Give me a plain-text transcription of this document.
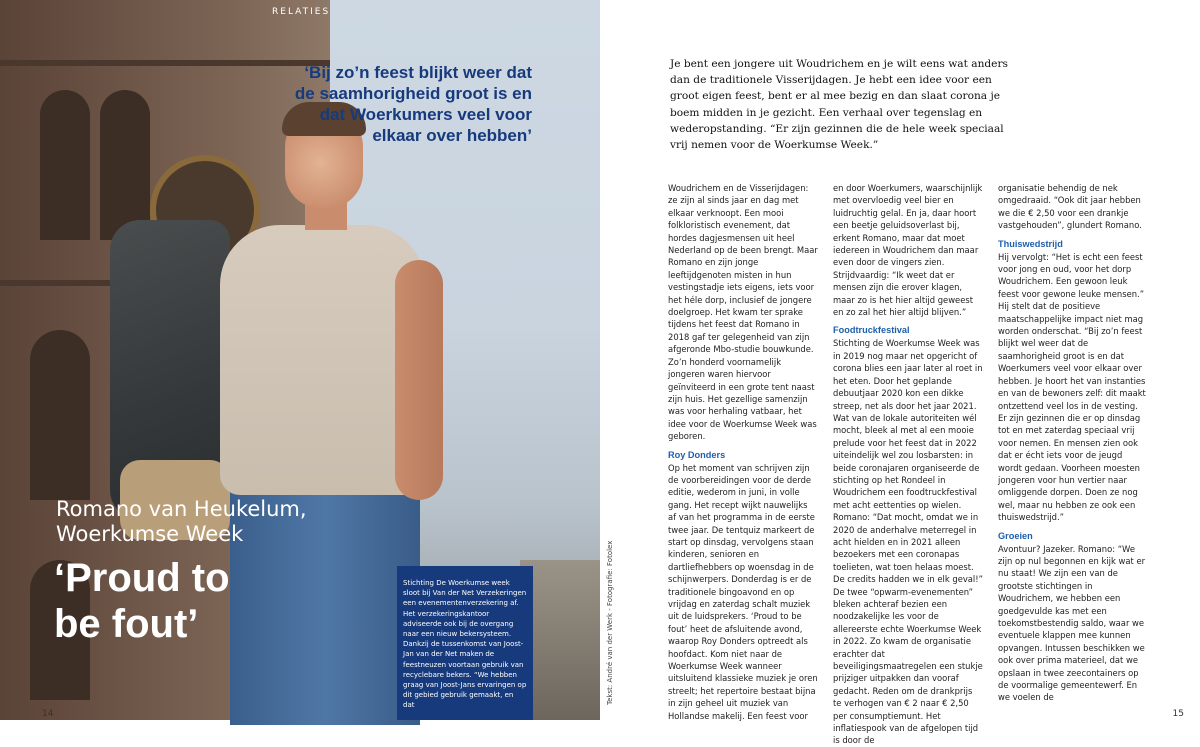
RELATIES
‘Bij zo’n feest blijkt weer dat de saamhorigheid groot is en dat Woerkumers veel voor elkaar over hebben’
Romano van Heukelum,
Woerkumse Week
‘Proud to
be fout’
Stichting De Woerkumse week sloot bij Van der Net Verzekeringen een evenementenverzekering af. Het verzekeringskantoor adviseerde ook bij de overgang naar een nieuw bekersysteem. Dankzij de tussenkomst van Joost-Jan van der Net maken de feestneuzen voortaan gebruik van recyclebare bekers. “We hebben graag van Joost-Jans ervaringen op dit gebied gebruik gemaakt, en dat
14
Je bent een jongere uit Woudrichem en je wilt eens wat anders dan de traditionele Visserijdagen. Je hebt een idee voor een groot eigen feest, bent er al mee bezig en dan slaat corona je boem midden in je gezicht. Een verhaal over tegenslag en wederopstanding. “Er zijn gezinnen die de hele week speciaal vrij nemen voor de Woerkumse Week.”
Tekst: André van der Werk - Fotografie: Fotolex

Woudrichem en de Visserijdagen: ze zijn al sinds jaar en dag met elkaar verknoopt. Een mooi folkloristisch evenement, dat hordes dagjesmensen uit heel Nederland op de been brengt. Maar Romano en zijn jonge leeftijdgenoten misten in hun vestingstadje iets eigens, iets voor het héle dorp, inclusief de jongere doelgroep. Het kwam ter sprake tijdens het feest dat Romano in 2018 gaf ter gelegenheid van zijn afgeronde Mbo-studie bouwkunde. Zo’n honderd voornamelijk jongeren waren hiervoor geïnviteerd in een grote tent naast zijn huis. Het gezellige samenzijn was voor herhaling vatbaar, het idee voor de Woerkumse Week was geboren.

Roy Donders

Op het moment van schrijven zijn de voorbereidingen voor de derde editie, wederom in juni, in volle gang. Het recept wijkt nauwelijks af van het programma in de eerste twee jaar. De tentquiz markeert de start op dinsdag, vervolgens staan kinderen, senioren en dartliefhebbers op woensdag in de schijnwerpers. Donderdag is er de traditionele bingoavond en op vrijdag en zaterdag schalt muziek uit de luidsprekers. ‘Proud to be fout’ heet de afsluitende avond, waarop Roy Donders optreedt als hoofdact. Kom niet naar de Woerkumse Week wanneer uitsluitend klassieke muziek je oren streelt; het repertoire bestaat bijna in zijn geheel uit muziek van Hollandse makelij. Een feest voor

en door Woerkumers, waarschijnlijk met overvloedig veel bier en luidruchtig gelal. En ja, daar hoort een beetje geluidsoverlast bij, erkent Romano, maar dat moet iedereen in Woudrichem dan maar even door de vingers zien. Strijdvaardig: “Ik weet dat er mensen zijn die erover klagen, maar zo is het hier altijd geweest en zo zal het hier altijd blijven.”

Foodtruckfestival

Stichting de Woerkumse Week was in 2019 nog maar net opgericht of corona blies een jaar later al roet in het eten. Door het geplande debuutjaar 2020 kon een dikke streep, net als door het jaar 2021. Wat van de lokale autoriteiten wél mocht, bleek al met al een mooie prelude voor het feest dat in 2022 uiteindelijk wel zou losbarsten: in beide coronajaren organiseerde de stichting op het Rondeel in Woudrichem een foodtruckfestival met acht eettenties op wielen. Romano: “Dat mocht, omdat we in 2020 de anderhalve meterregel in acht hielden en in 2021 alleen bezoekers met een coronapas toelieten, wat toen helaas moest. De credits hadden we in elk geval!” De twee “opwarm-evenementen” bleken achteraf bezien een noodzakelijke les voor de allereerste echte Woerkumse Week in 2022. Zo kwam de organisatie erachter dat beveiligingsmaatregelen een stukje prijziger uitpakken dan vooraf gedacht. Reden om de drankprijs te verhogen van € 2 naar € 2,50 per consumptiemunt. Het inflatiespook van de afgelopen tijd is door de

organisatie behendig de nek omgedraaid. “Ook dit jaar hebben we die € 2,50 voor een drankje vastgehouden”, glundert Romano.

Thuiswedstrijd

Hij vervolgt: “Het is echt een feest voor jong en oud, voor het dorp Woudrichem. Een gewoon leuk feest voor gewone leuke mensen.” Hij stelt dat de positieve maatschappelijke impact niet mag worden onderschat. “Bij zo’n feest blijkt wel weer dat de saamhorigheid groot is en dat Woerkumers veel voor elkaar over hebben. Je hoort het van instanties en van de bewoners zelf: dit maakt ontzettend veel los in de vesting. Er zijn gezinnen die er op dinsdag tot en met zaterdag speciaal vrij voor nemen. En mensen zien ook dat er écht iets voor de jeugd wordt gedaan. Voorheen moesten jongeren voor hun vertier naar omliggende dorpen. Doen ze nog wel, maar nu hebben ze ook een thuiswedstrijd.”

Groeien

Avontuur? Jazeker. Romano: “We zijn op nul begonnen en kijk wat er nu staat! We zijn een van de grootste stichtingen in Woudrichem, we hebben een goedgevulde kas met een toekomstbestendig saldo, waar we eventuele klappen mee kunnen opvangen. Intussen beschikken we ook over prima materieel, dat we opslaan in twee zeecontainers op de voormalige gemeentewerf. En we voelen de

15
